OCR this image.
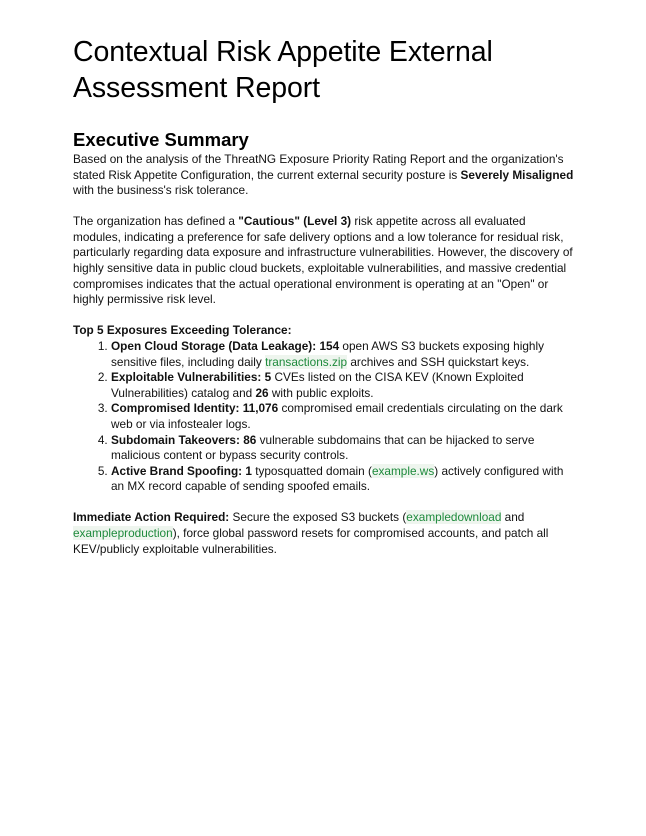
Contextual Risk Appetite External Assessment Report
Executive Summary

Based on the analysis of the ThreatNG Exposure Priority Rating Report and the organization's stated Risk Appetite Configuration, the current external security posture is Severely Misaligned with the business's risk tolerance.

The organization has defined a "Cautious" (Level 3) risk appetite across all evaluated modules, indicating a preference for safe delivery options and a low tolerance for residual risk, particularly regarding data exposure and infrastructure vulnerabilities. However, the discovery of highly sensitive data in public cloud buckets, exploitable vulnerabilities, and massive credential compromises indicates that the actual operational environment is operating at an "Open" or highly permissive risk level.

Top 5 Exposures Exceeding Tolerance:

1. Open Cloud Storage (Data Leakage): 154 open AWS S3 buckets exposing highly sensitive files, including daily transactions.zip archives and SSH quickstart keys.
2. Exploitable Vulnerabilities: 5 CVEs listed on the CISA KEV (Known Exploited Vulnerabilities) catalog and 26 with public exploits.
3. Compromised Identity: 11,076 compromised email credentials circulating on the dark web or via infostealer logs.
4. Subdomain Takeovers: 86 vulnerable subdomains that can be hijacked to serve malicious content or bypass security controls.
5. Active Brand Spoofing: 1 typosquatted domain (example.ws) actively configured with an MX record capable of sending spoofed emails.

Immediate Action Required: Secure the exposed S3 buckets (exampledownload and exampleproduction), force global password resets for compromised accounts, and patch all KEV/publicly exploitable vulnerabilities.
